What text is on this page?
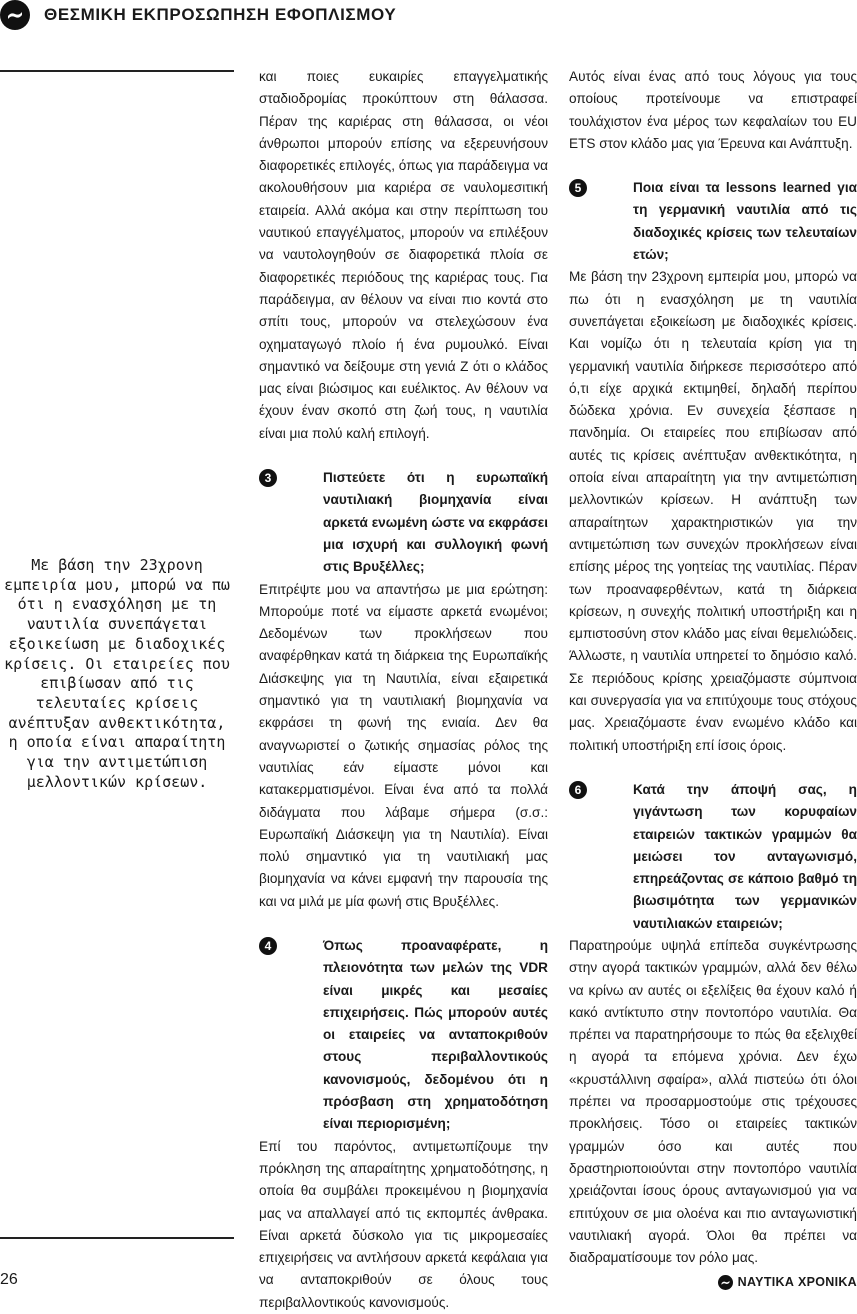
ΘΕΣΜΙΚΗ ΕΚΠΡΟΣΩΠΗΣΗ ΕΦΟΠΛΙΣΜΟΥ
Με βάση την 23χρονη εμπειρία μου, μπορώ να πω ότι η ενασχόληση με τη ναυτιλία συνεπάγεται εξοικείωση με διαδοχικές κρίσεις. Οι εταιρείες που επιβίωσαν από τις τελευταίες κρίσεις ανέπτυξαν ανθεκτικότητα, η οποία είναι απαραίτητη για την αντιμετώπιση μελλοντικών κρίσεων.

και ποιες ευκαιρίες επαγγελματικής σταδιοδρομίας προκύπτουν στη θάλασσα. Πέραν της καριέρας στη θάλασσα, οι νέοι άνθρωποι μπορούν επίσης να εξερευνήσουν διαφορετικές επιλογές, όπως για παράδειγμα να ακολουθήσουν μια καριέρα σε ναυλομεσιτική εταιρεία. Αλλά ακόμα και στην περίπτωση του ναυτικού επαγγέλματος, μπορούν να επιλέξουν να ναυτολογηθούν σε διαφορετικά πλοία σε διαφορετικές περιόδους της καριέρας τους. Για παράδειγμα, αν θέλουν να είναι πιο κοντά στο σπίτι τους, μπορούν να στελεχώσουν ένα οχηματαγωγό πλοίο ή ένα ρυμουλκό. Είναι σημαντικό να δείξουμε στη γενιά Z ότι ο κλάδος μας είναι βιώσιμος και ευέλικτος. Αν θέλουν να έχουν έναν σκοπό στη ζωή τους, η ναυτιλία είναι μια πολύ καλή επιλογή.

3	Πιστεύετε ότι η ευρωπαϊκή ναυτιλιακή βιομηχανία είναι αρκετά ενωμένη ώστε να εκφράσει μια ισχυρή και συλλογική φωνή στις Βρυξέλλες;

Επιτρέψτε μου να απαντήσω με μια ερώτηση: Μπορούμε ποτέ να είμαστε αρκετά ενωμένοι; Δεδομένων των προκλήσεων που αναφέρθηκαν κατά τη διάρκεια της Ευρωπαϊκής Διάσκεψης για τη Ναυτιλία, είναι εξαιρετικά σημαντικό για τη ναυτιλιακή βιομηχανία να εκφράσει τη φωνή της ενιαία. Δεν θα αναγνωριστεί ο ζωτικής σημασίας ρόλος της ναυτιλίας εάν είμαστε μόνοι και κατακερματισμένοι. Είναι ένα από τα πολλά διδάγματα που λάβαμε σήμερα (σ.σ.: Ευρωπαϊκή Διάσκεψη για τη Ναυτιλία). Είναι πολύ σημαντικό για τη ναυτιλιακή μας βιομηχανία να κάνει εμφανή την παρουσία της και να μιλά με μία φωνή στις Βρυξέλλες.

4	Όπως προαναφέρατε, η πλειονότητα των μελών της VDR είναι μικρές και μεσαίες επιχειρήσεις. Πώς μπορούν αυτές οι εταιρείες να ανταποκριθούν στους περιβαλλοντικούς κανονισμούς, δεδομένου ότι η πρόσβαση στη χρηματοδότηση είναι περιορισμένη;

Επί του παρόντος, αντιμετωπίζουμε την πρόκληση της απαραίτητης χρηματοδότησης, η οποία θα συμβάλει προκειμένου η βιομηχανία μας να απαλλαγεί από τις εκπομπές άνθρακα. Είναι αρκετά δύσκολο για τις μικρομεσαίες επιχειρήσεις να αντλήσουν αρκετά κεφάλαια για να ανταποκριθούν σε όλους τους περιβαλλοντικούς κανονισμούς.

Αυτός είναι ένας από τους λόγους για τους οποίους προτείνουμε να επιστραφεί τουλάχιστον ένα μέρος των κεφαλαίων του EU ETS στον κλάδο μας για Έρευνα και Ανάπτυξη.

5	Ποια είναι τα lessons learned για τη γερμανική ναυτιλία από τις διαδοχικές κρίσεις των τελευταίων ετών;

Με βάση την 23χρονη εμπειρία μου, μπορώ να πω ότι η ενασχόληση με τη ναυτιλία συνεπάγεται εξοικείωση με διαδοχικές κρίσεις. Και νομίζω ότι η τελευταία κρίση για τη γερμανική ναυτιλία διήρκεσε περισσότερο από ό,τι είχε αρχικά εκτιμηθεί, δηλαδή περίπου δώδεκα χρόνια. Εν συνεχεία ξέσπασε η πανδημία. Οι εταιρείες που επιβίωσαν από αυτές τις κρίσεις ανέπτυξαν ανθεκτικότητα, η οποία είναι απαραίτητη για την αντιμετώπιση μελλοντικών κρίσεων. Η ανάπτυξη των απαραίτητων χαρακτηριστικών για την αντιμετώπιση των συνεχών προκλήσεων είναι επίσης μέρος της γοητείας της ναυτιλίας. Πέραν των προαναφερθέντων, κατά τη διάρκεια κρίσεων, η συνεχής πολιτική υποστήριξη και η εμπιστοσύνη στον κλάδο μας είναι θεμελιώδεις. Άλλωστε, η ναυτιλία υπηρετεί το δημόσιο καλό. Σε περιόδους κρίσης χρειαζόμαστε σύμπνοια και συνεργασία για να επιτύχουμε τους στόχους μας. Χρειαζόμαστε έναν ενωμένο κλάδο και πολιτική υποστήριξη επί ίσοις όροις.

6	Κατά την άποψή σας, η γιγάντωση των κορυφαίων εταιρειών τακτικών γραμμών θα μειώσει τον ανταγωνισμό, επηρεάζοντας σε κάποιο βαθμό τη βιωσιμότητα των γερμανικών ναυτιλιακών εταιρειών;

Παρατηρούμε υψηλά επίπεδα συγκέντρωσης στην αγορά τακτικών γραμμών, αλλά δεν θέλω να κρίνω αν αυτές οι εξελίξεις θα έχουν καλό ή κακό αντίκτυπο στην ποντοπόρο ναυτιλία. Θα πρέπει να παρατηρήσουμε το πώς θα εξελιχθεί η αγορά τα επόμενα χρόνια. Δεν έχω «κρυστάλλινη σφαίρα», αλλά πιστεύω ότι όλοι πρέπει να προσαρμοστούμε στις τρέχουσες προκλήσεις. Τόσο οι εταιρείες τακτικών γραμμών όσο και αυτές που δραστηριοποιούνται στην ποντοπόρο ναυτιλία χρειάζονται ίσους όρους ανταγωνισμού για να επιτύχουν σε μια ολοένα και πιο ανταγωνιστική ναυτιλιακή αγορά. Όλοι θα πρέπει να διαδραματίσουμε τον ρόλο μας.

26	ΝΑΥΤΙΚΑ ΧΡΟΝΙΚΑ
